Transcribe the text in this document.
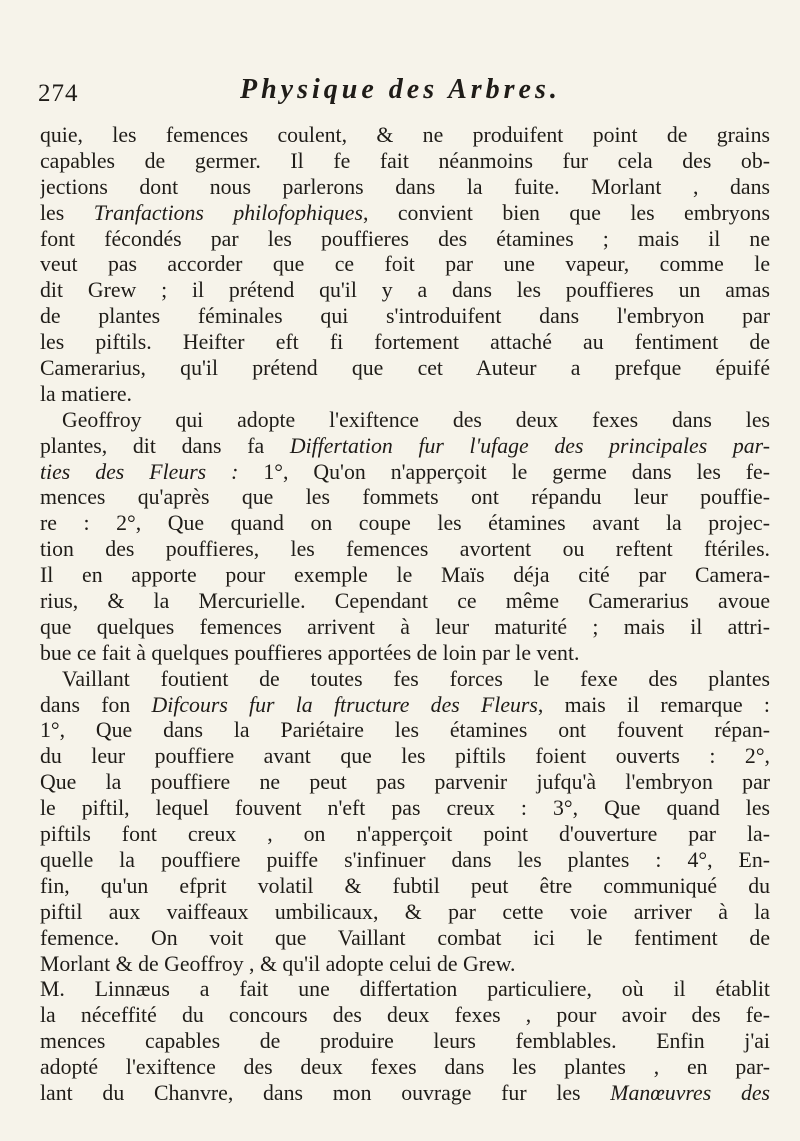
274	Physique des Arbres.
quie, les femences coulent, & ne produifent point de grains
capables de germer. Il fe fait néanmoins fur cela des ob-
jections dont nous parlerons dans la fuite. Morlant , dans
les Tranfactions philofophiques, convient bien que les embryons
font fécondés par les pouffieres des étamines ; mais il ne
veut pas accorder que ce foit par une vapeur, comme le
dit Grew ; il prétend qu'il y a dans les pouffieres un amas
de plantes féminales qui s'introduifent dans l'embryon par
les piftils. Heifter eft fi fortement attaché au fentiment de
Camerarius, qu'il prétend que cet Auteur a prefque épuifé
la matiere.
Geoffroy qui adopte l'exiftence des deux fexes dans les
plantes, dit dans fa Differtation fur l'ufage des principales par-
ties des Fleurs : 1°, Qu'on n'apperçoit le germe dans les fe-
mences qu'après que les fommets ont répandu leur pouffie-
re : 2°, Que quand on coupe les étamines avant la projec-
tion des pouffieres, les femences avortent ou reftent ftériles.
Il en apporte pour exemple le Maïs déja cité par Camera-
rius, & la Mercurielle. Cependant ce même Camerarius avoue
que quelques femences arrivent à leur maturité ; mais il attri-
bue ce fait à quelques pouffieres apportées de loin par le vent.
Vaillant foutient de toutes fes forces le fexe des plantes
dans fon Difcours fur la ftructure des Fleurs, mais il remarque :
1°, Que dans la Pariétaire les étamines ont fouvent répan-
du leur pouffiere avant que les piftils foient ouverts : 2°,
Que la pouffiere ne peut pas parvenir jufqu'à l'embryon par
le piftil, lequel fouvent n'eft pas creux : 3°, Que quand les
piftils font creux , on n'apperçoit point d'ouverture par la-
quelle la pouffiere puiffe s'infinuer dans les plantes : 4°, En-
fin, qu'un efprit volatil & fubtil peut être communiqué du
piftil aux vaiffeaux umbilicaux, & par cette voie arriver à la
femence. On voit que Vaillant combat ici le fentiment de
Morlant & de Geoffroy , & qu'il adopte celui de Grew.
M. Linnæus a fait une differtation particuliere, où il établit
la néceffité du concours des deux fexes , pour avoir des fe-
mences capables de produire leurs femblables. Enfin j'ai
adopté l'exiftence des deux fexes dans les plantes , en par-
lant du Chanvre, dans mon ouvrage fur les Manœuvres des
